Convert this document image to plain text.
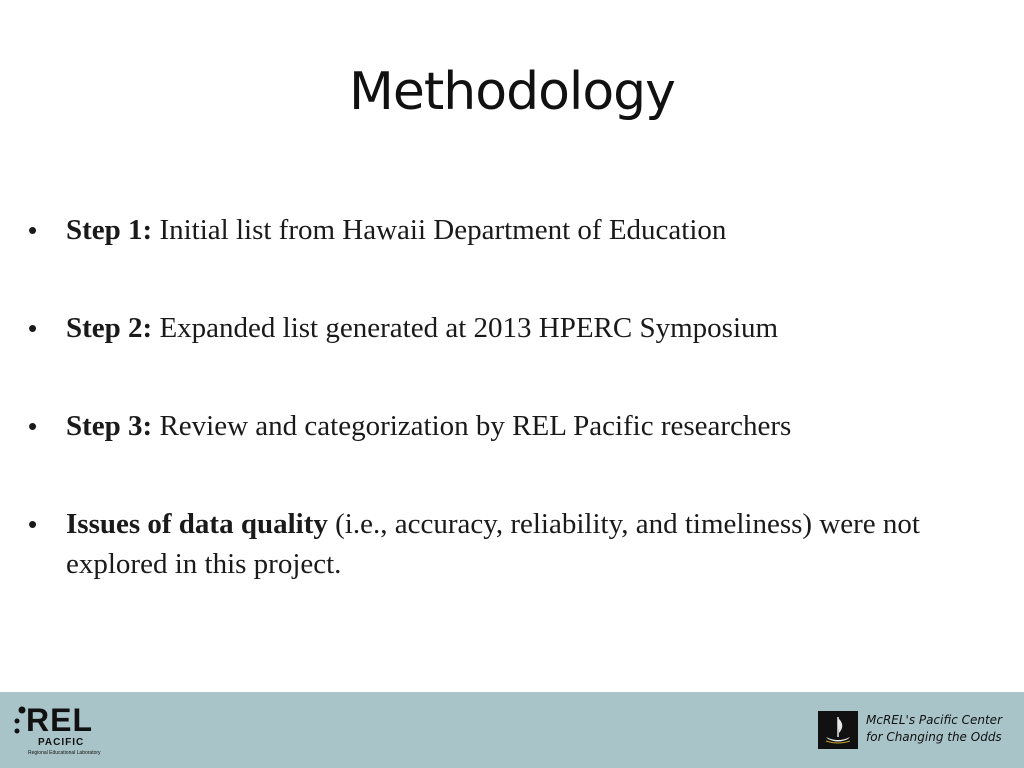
Methodology
• Step 1: Initial list from Hawaii Department of Education
• Step 2: Expanded list generated at 2013 HPERC Symposium
• Step 3: Review and categorization by REL Pacific researchers
• Issues of data quality (i.e., accuracy, reliability, and timeliness) were not explored in this project.
REL
PACIFIC
Regional Educational Laboratory
McREL's Pacific Center
for Changing the Odds
